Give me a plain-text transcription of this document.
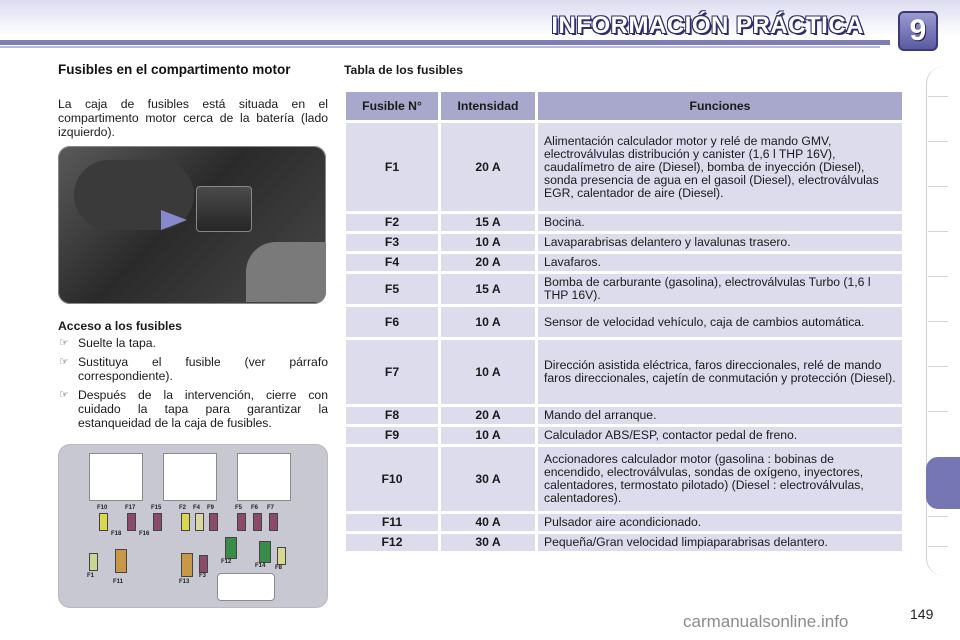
INFORMACIÓN PRÁCTICA	9
Fusibles en el compartimento motor
La caja de fusibles está situada en el compartimento motor cerca de la batería (lado izquierdo).
Acceso a los fusibles
☞ Suelte la tapa.
☞ Sustituya el fusible (ver párrafo correspondiente).
☞ Después de la intervención, cierre con cuidado la tapa para garantizar la estanqueidad de la caja de fusibles.
F10	F17	F15	F2 F4 F9	F5 F6 F7
F18	F16
F1
F11	F13
F3
F12
F14 F8
Tabla de los fusibles
Fusible N°	Intensidad	Funciones
F1	20 A	Alimentación calculador motor y relé de mando GMV, electroválvulas distribución y canister (1,6 l THP 16V), caudalímetro de aire (Diesel), bomba de inyección (Diesel), sonda presencia de agua en el gasoil (Diesel), electroválvulas EGR, calentador de aire (Diesel).
F2	15 A	Bocina.
F3	10 A	Lavaparabrisas delantero y lavalunas trasero.
F4	20 A	Lavafaros.
F5	15 A	Bomba de carburante (gasolina), electroválvulas Turbo (1,6 l THP 16V).
F6	10 A	Sensor de velocidad vehículo, caja de cambios automática.
F7	10 A	Dirección asistida eléctrica, faros direccionales, relé de mando faros direccionales, cajetín de conmutación y protección (Diesel).
F8	20 A	Mando del arranque.
F9	10 A	Calculador ABS/ESP, contactor pedal de freno.
F10	30 A	Accionadores calculador motor (gasolina : bobinas de encendido, electroválvulas, sondas de oxígeno, inyectores, calentadores, termostato pilotado) (Diesel : electroválvulas, calentadores).
F11	40 A	Pulsador aire acondicionado.
F12	30 A	Pequeña/Gran velocidad limpiaparabrisas delantero.
carmanualsonline.info	149
